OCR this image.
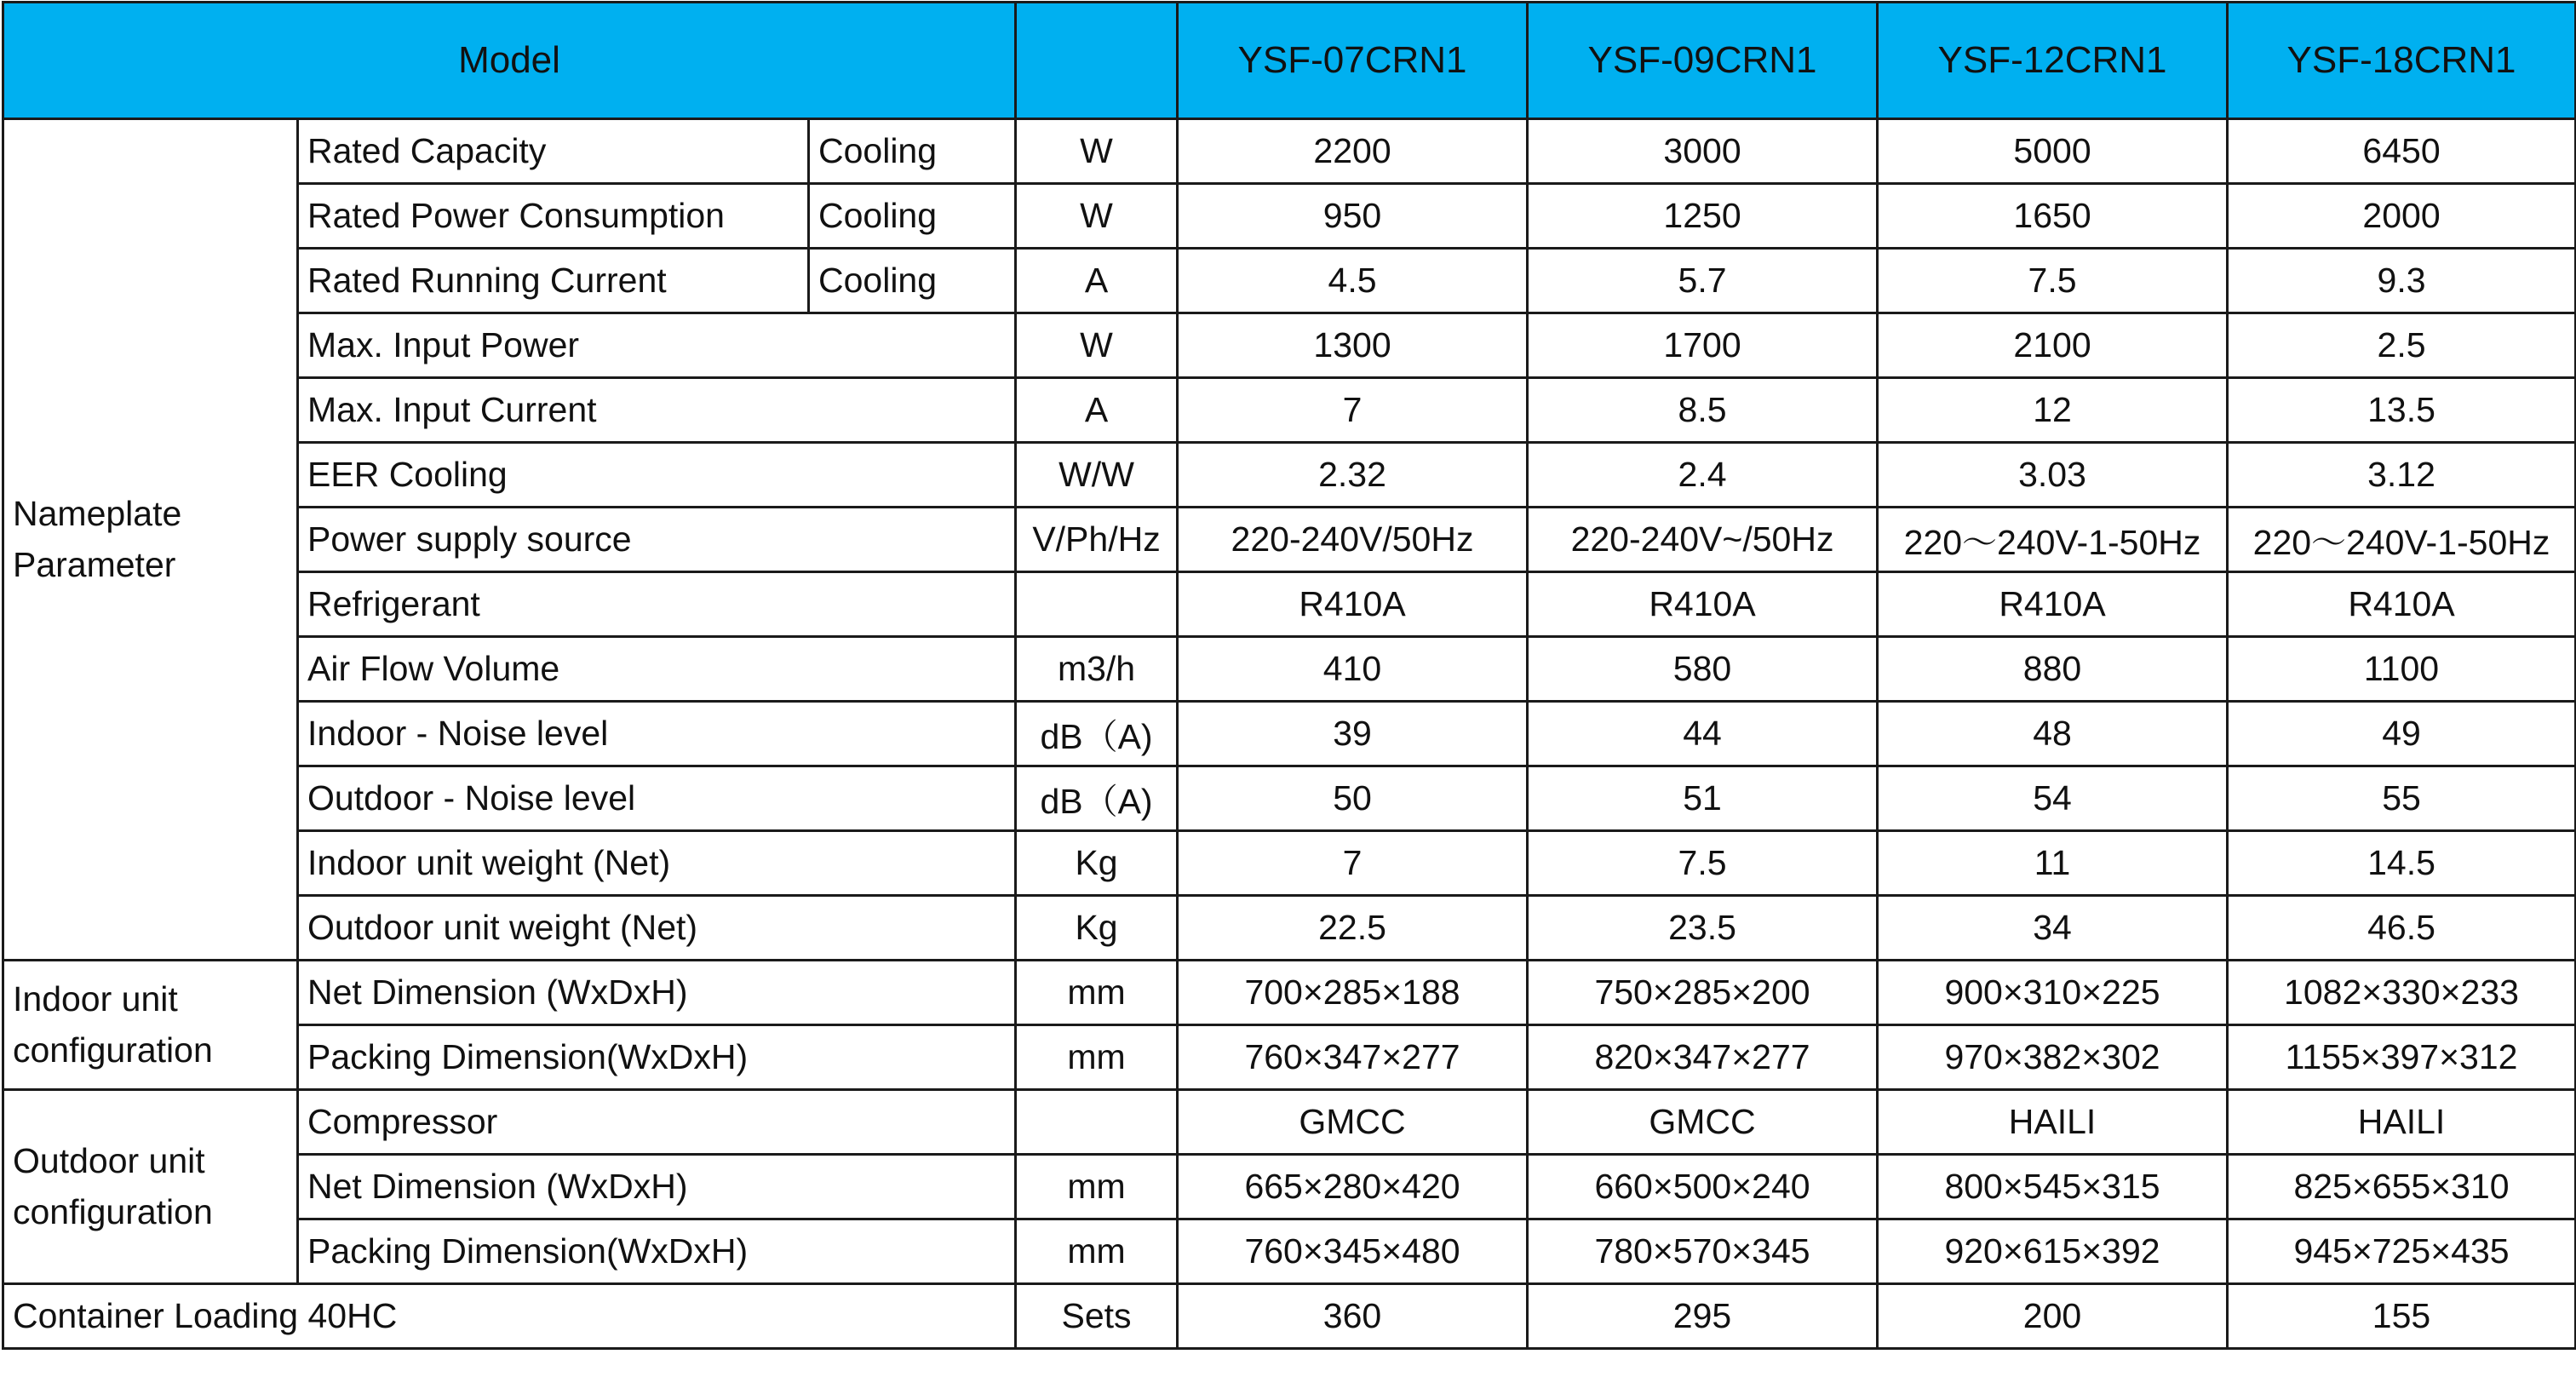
Model				YSF-07CRN1	YSF-09CRN1	YSF-12CRN1	YSF-18CRN1
Nameplate Parameter	Rated Capacity	Cooling	W	2200	3000	5000	6450
	Rated Power Consumption	Cooling	W	950	1250	1650	2000
	Rated Running Current	Cooling	A	4.5	5.7	7.5	9.3
	Max. Input Power		W	1300	1700	2100	2.5
	Max. Input Current		A	7	8.5	12	13.5
	EER Cooling		W/W	2.32	2.4	3.03	3.12
	Power supply source		V/Ph/Hz	220-240V/50Hz	220-240V~/50Hz	220～240V-1-50Hz	220～240V-1-50Hz
	Refrigerant			R410A	R410A	R410A	R410A
	Air Flow Volume		m3/h	410	580	880	1100
	Indoor - Noise level		dB（A)	39	44	48	49
	Outdoor - Noise level		dB（A)	50	51	54	55
	Indoor unit weight (Net)		Kg	7	7.5	11	14.5
	Outdoor unit weight (Net)		Kg	22.5	23.5	34	46.5
Indoor unit configuration	Net Dimension (WxDxH)		mm	700×285×188	750×285×200	900×310×225	1082×330×233
	Packing Dimension(WxDxH)		mm	760×347×277	820×347×277	970×382×302	1155×397×312
Outdoor unit configuration	Compressor			GMCC	GMCC	HAILI	HAILI
	Net Dimension (WxDxH)		mm	665×280×420	660×500×240	800×545×315	825×655×310
	Packing Dimension(WxDxH)		mm	760×345×480	780×570×345	920×615×392	945×725×435
Container Loading 40HC			Sets	360	295	200	155
